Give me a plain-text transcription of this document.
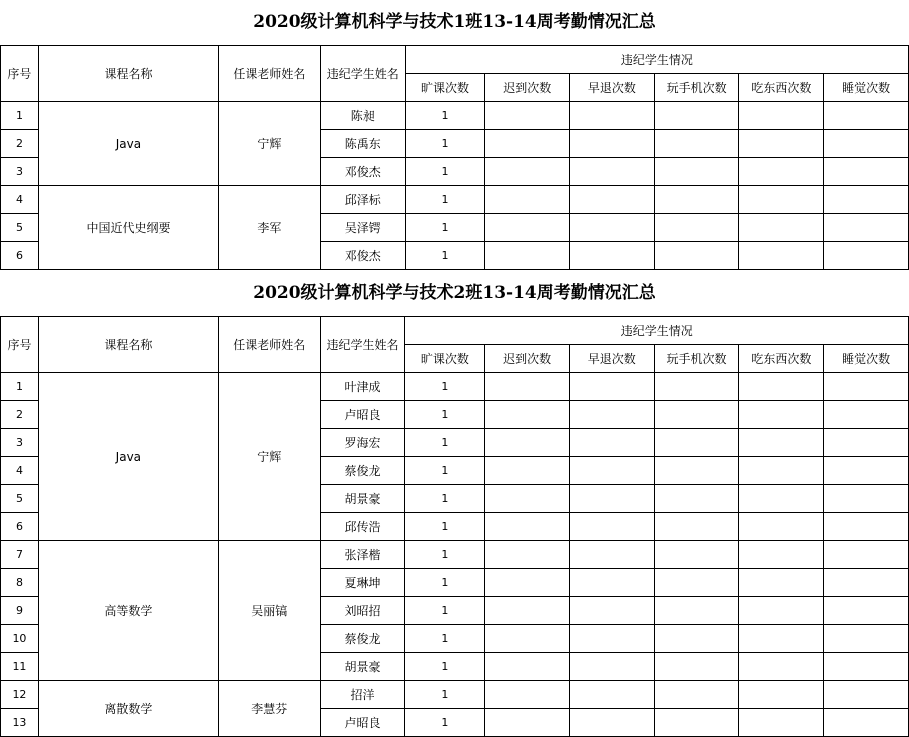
2020级计算机科学与技术1班13-14周考勤情况汇总
序号	课程名称	任课老师姓名	违纪学生姓名	违纪学生情况					
				旷课次数	迟到次数	早退次数	玩手机次数	吃东西次数	睡觉次数
1	Java	宁辉	陈昶	1					
2			陈禹东	1					
3			邓俊杰	1					
4	中国近代史纲要	李军	邱泽标	1					
5			吴泽锷	1					
6			邓俊杰	1					
2020级计算机科学与技术2班13-14周考勤情况汇总
序号	课程名称	任课老师姓名	违纪学生姓名	违纪学生情况					
				旷课次数	迟到次数	早退次数	玩手机次数	吃东西次数	睡觉次数
1	Java	宁辉	叶津成	1					
2			卢昭良	1					
3			罗海宏	1					
4			蔡俊龙	1					
5			胡景豪	1					
6			邱传浩	1					
7	高等数学	吴丽镐	张泽楷	1					
8			夏琳坤	1					
9			刘昭招	1					
10			蔡俊龙	1					
11			胡景豪	1					
12	离散数学	李慧芬	招洋	1					
13			卢昭良	1					
